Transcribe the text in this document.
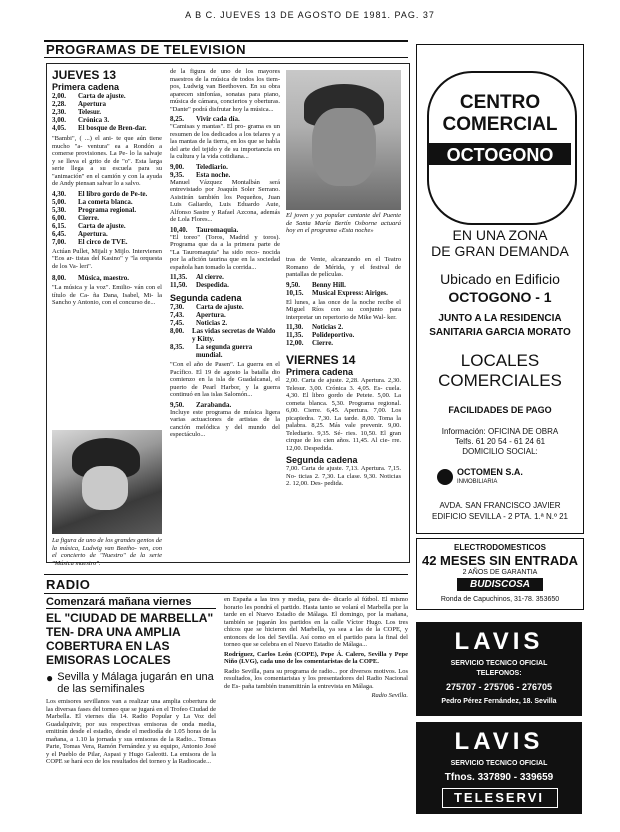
A B C. JUEVES 13 DE AGOSTO DE 1981. PAG. 37
PROGRAMAS DE TELEVISION
JUEVES 13
Primera cadena
2,00.	Carta de ajuste.
2,28.	Apertura
2,30.	Telesur.
3,00.	Crónica 3.
4,05.	El bosque de Bren-dar.
"Bambi", ( ...) el ani- te que aún tiene mucho "a- ventura" ea a Rondón a comerse provisiones. La Pe- lo la salvaje y se lleva el grito de de "o". Esta larga serie llega a su escuela para su "animación" en el camión y con la ayuda de Andy piensan salvar lo a salvo.
4,30.	El libro gordo de Pe-te.
5,00.	La cometa blanca.
5,30.	Programa regional.
6,00.	Cierre.
6,15.	Carta de ajuste.
6,45.	Apertura.
7,00.	El circo de TVE.
Actúan Pullet, Mijali y Mijlo. Intervienen "Eos ar- tistas del Kasino" y "la orquesta de los Va- leri".
8,00.	Música, maestro.
"La música y la voz". Emilio- ván con el título de Ca- ña Dana, Isabel, Mi- la Sancho y Antonio, con el concurso de...
La figura de uno de los grandes genios de la música, Ludwig van Beetho- ven, con el concierto de "Nuestro" de la serie "Música maestro".
de la figura de uno de los mayores maestros de la música de todos los tiem- pos, Ludwig van Beethoven. En su obra aparecen sinfonías, sonatas para piano, música de cámara, conciertos y oberturas. "Dante" podrá disfrutar hoy la música...
8,25.	Vivir cada día.
"Camisas y mantas". El pro- grama es un resumen de los dedicados a los telares y a las mantas de la tierra, en los que se habla del arte del tejido y de su importancia en la cultura y la vida cotidiana...
9,00.	Telediario.
9,35.	Esta noche.
Manuel Vázquez Montalbán será entrevistado por Joaquín Soler Serrano. Asistirán también los Pequeños, Juan Luis Galiardo, Luis Eduardo Aute, Alfonso Sastre y Rafael Azcona, además de Lola Flores...
10,40.	Tauromaquia.
"El toreo" (Toros, Madrid y toros). Programa que da a la primera parte de "La Tauromaquia" ha sido reco- nocida por la afición taurina que en la sociedad española han tomado la corrida...
11,35.	Al cierre.
11,50.	Despedida.
Segunda cadena
7,30.	Carta de ajuste.
7,43.	Apertura.
7,45.	Noticias 2.
8,00.	Las vidas secretas de Waldo y Kitty.
8,35.	La segunda guerra mundial.
"Con el año de Pasen". La guerra en el Pacífico. El 19 de agosto la batalla dio comienzo en la isla de Guadalcanal, el puerto de Pearl Harbor, y la guerra continuó en las islas Salomón...
9,50.	Zarabanda.
Incluye este programa de música ligera varias actuaciones de artistas de la canción melódica y del mundo del espectáculo...
El joven y ya popular cantante del Puente de Santa María Bertín Osborne actuará hoy en el programa «Esta noche»
tras de Vente, alcanzando en el Teatro Romano de Mérida, y el festival de pantallas de películas.
9,50.	Benny Hill.
10,15.	Musical Express: Airiges.
El lunes, a las once de la noche recibe el Miguel Ríos con su conjunto para interpretar un repertorio de Mike Wal- ker.
11,30.	Noticias 2.
11,35.	Polideportivo.
12,00.	Cierre.
VIERNES 14
Primera cadena
2,00. Carta de ajuste. 2,28. Apertura. 2,30. Telesur. 3,00. Crónica 3. 4,05. Es- cuela. 4,30. El libro gordo de Petete. 5,00. La cometa blanca. 5,30. Programa regional. 6,00. Cierre. 6,45. Apertura. 7,00. Los picapiedra. 7,30. La tarde. 8,00. Toma la palabra. 8,25. Más vale prevenir. 9,00. Telediario. 9,35. Sé- ries. 10,50. El gran cirque de los cien años. 11,45. Al cie- rre. 12,00. Despedida.
Segunda cadena
7,00. Carta de ajuste. 7,13. Apertura. 7,15. No- ticias 2. 7,30. La clase. 9,30. Noticias 2. 12,00. Des- pedida.
CENTRO
COMERCIAL
OCTOGONO
EN UNA ZONA
DE GRAN DEMANDA
Ubicado en Edificio
OCTOGONO - 1
JUNTO A LA RESIDENCIA
SANITARIA GARCIA MORATO
LOCALES
COMERCIALES
FACILIDADES DE PAGO
Información: OFICINA DE OBRA
Telfs. 61 20 54 - 61 24 61
DOMICILIO SOCIAL:
OCTOMEN S.A.
INMOBILIARIA
AVDA. SAN FRANCISCO JAVIER
EDIFICIO SEVILLA - 2 PTA. 1.ª N.º 21
ELECTRODOMESTICOS
42 MESES SIN ENTRADA
2 AÑOS DE GARANTIA
BUDISCOSA
Ronda de Capuchinos, 31-78. 353650
LAVIS
SERVICIO TECNICO OFICIAL
TELEFONOS:
275707 - 275706 - 276705
Pedro Pérez Fernández, 18. Sevilla
LAVIS
SERVICIO TECNICO OFICIAL
Tfnos. 337890 - 339659
TELESERVI
RADIO
Comenzará mañana viernes
EL "CIUDAD DE MARBELLA" TEN- DRA UNA AMPLIA COBERTURA EN LAS EMISORAS LOCALES
● Sevilla y Málaga jugarán en una de las semifinales
Los emisores sevillanos van a realizar una amplia cobertura de las diversas fases del torneo que se jugará en el Trofeo Ciudad de Marbella. El viernes día 14. Radio Popular y La Voz del Guadalquivir, por sus respectivas emisoras de onda media, emitirán desde el estadio, desde el mediodía de 1.05 horas de la mañana, a 1.10 la jornada y sus emisoras de la Radio... Tomas Parte, Tomas Vera, Ramón Fernández y su equipo, Antonio José y el Pueblo de Pilar, Aspasi y Hugo Galeotti. La emisora de la COPE se hará eco de los resultados del torneo y la Radiocade...
en España a las tres y media, para de- dicarlo al fútbol. El mismo horario les pondrá el partido. Hasta tanto se volará el Marbella por la tarde en el Nuevo Estadio de Málaga. El domingo, por la mañana, también se jugarán los partidos en la calle Víctor Hugo. Los tres chicos que se hicieron del Marbella, ya sea a las de la COPE, y entonces de los del Sevilla. Así como en el partido para la final del torneo que se celebra en el Nuevo Estadio de Málaga...
Rodríguez, Carlos León (COPE), Pepe Á. Calero, Sevilla y Pepe Niño (LVG), cada uno de los comentaristas de la COPE.
Radio Sevilla, para su programa de radio... por diversos motivos. Los resultados, los comentaristas y los presentadores del Radio Nacional de Es- paña también transmitirán la entrevista en Málaga.
Radio Sevilla.
